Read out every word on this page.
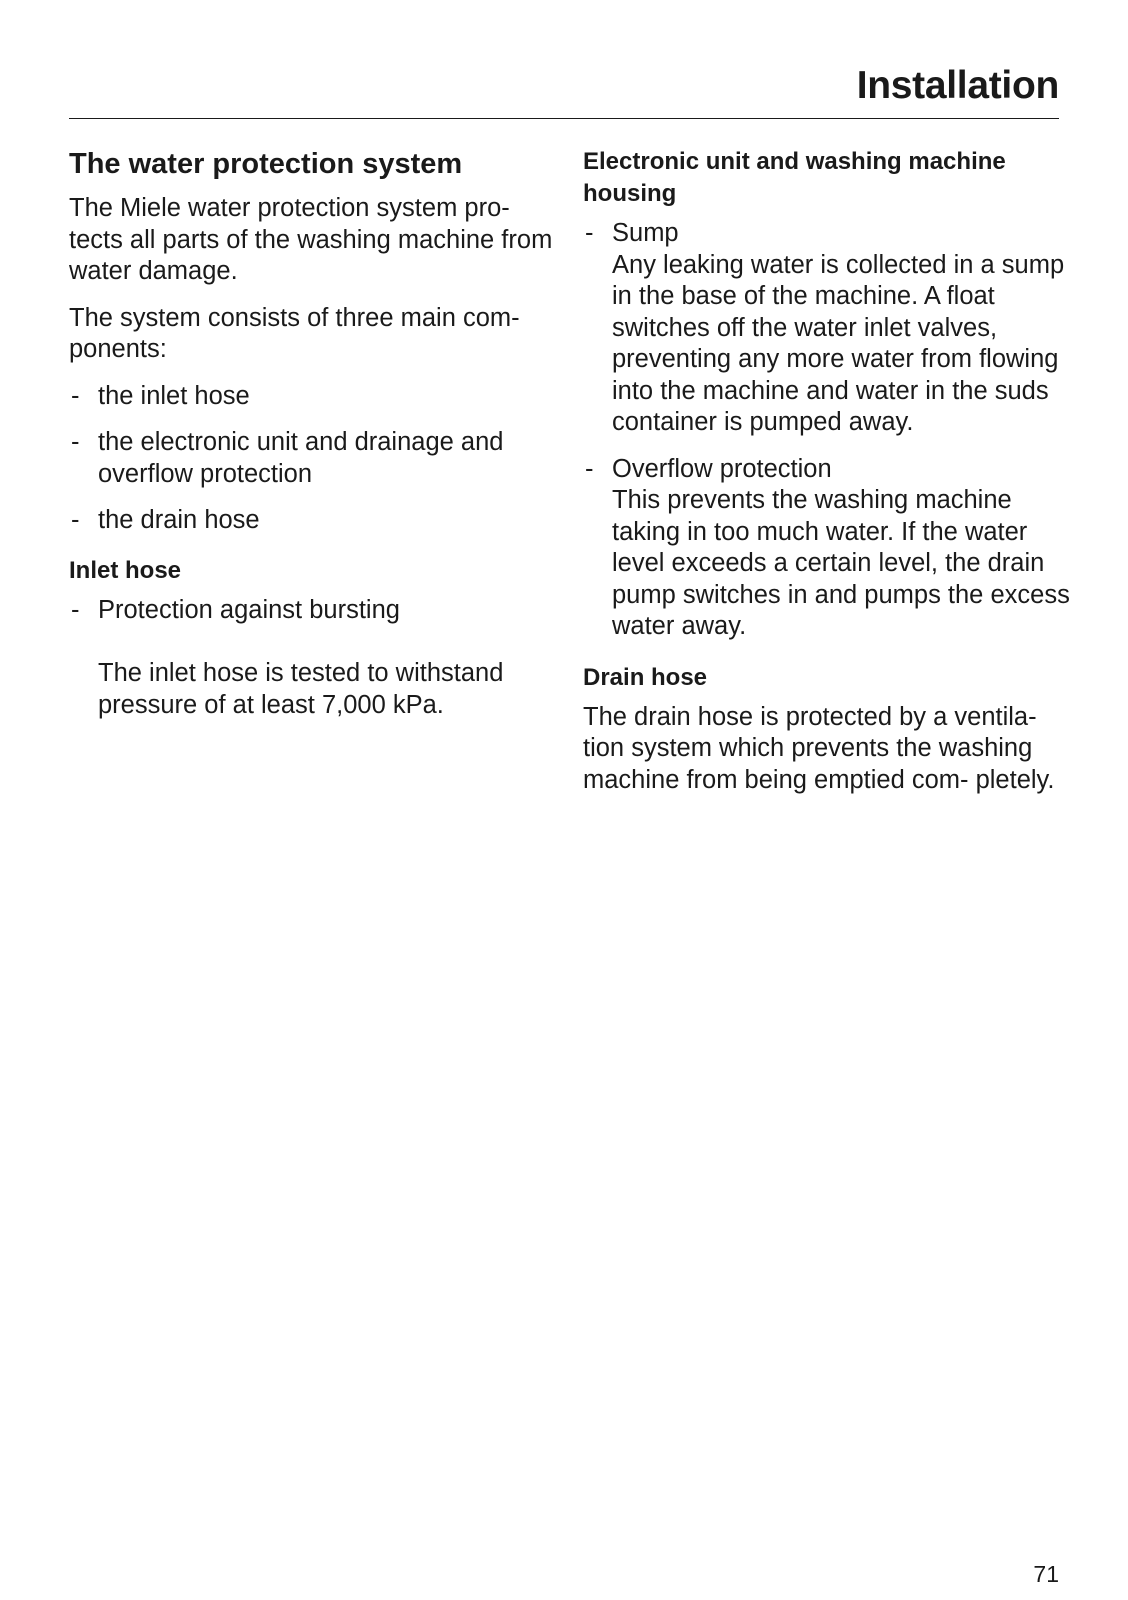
Installation
The water protection system

The Miele water protection system pro- tects all parts of the washing machine from water damage.

The system consists of three main com- ponents:

- the inlet hose
- the electronic unit and drainage and overflow protection
- the drain hose
Inlet hose
- Protection against bursting
The inlet hose is tested to withstand pressure of at least 7,000 kPa.
Electronic unit and washing machine housing
- Sump
Any leaking water is collected in a sump in the base of the machine. A float switches off the water inlet valves, preventing any more water from flowing into the machine and water in the suds container is pumped away.
- Overflow protection
This prevents the washing machine taking in too much water. If the water level exceeds a certain level, the drain pump switches in and pumps the excess water away.
Drain hose

The drain hose is protected by a ventila- tion system which prevents the washing machine from being emptied com- pletely.

71
